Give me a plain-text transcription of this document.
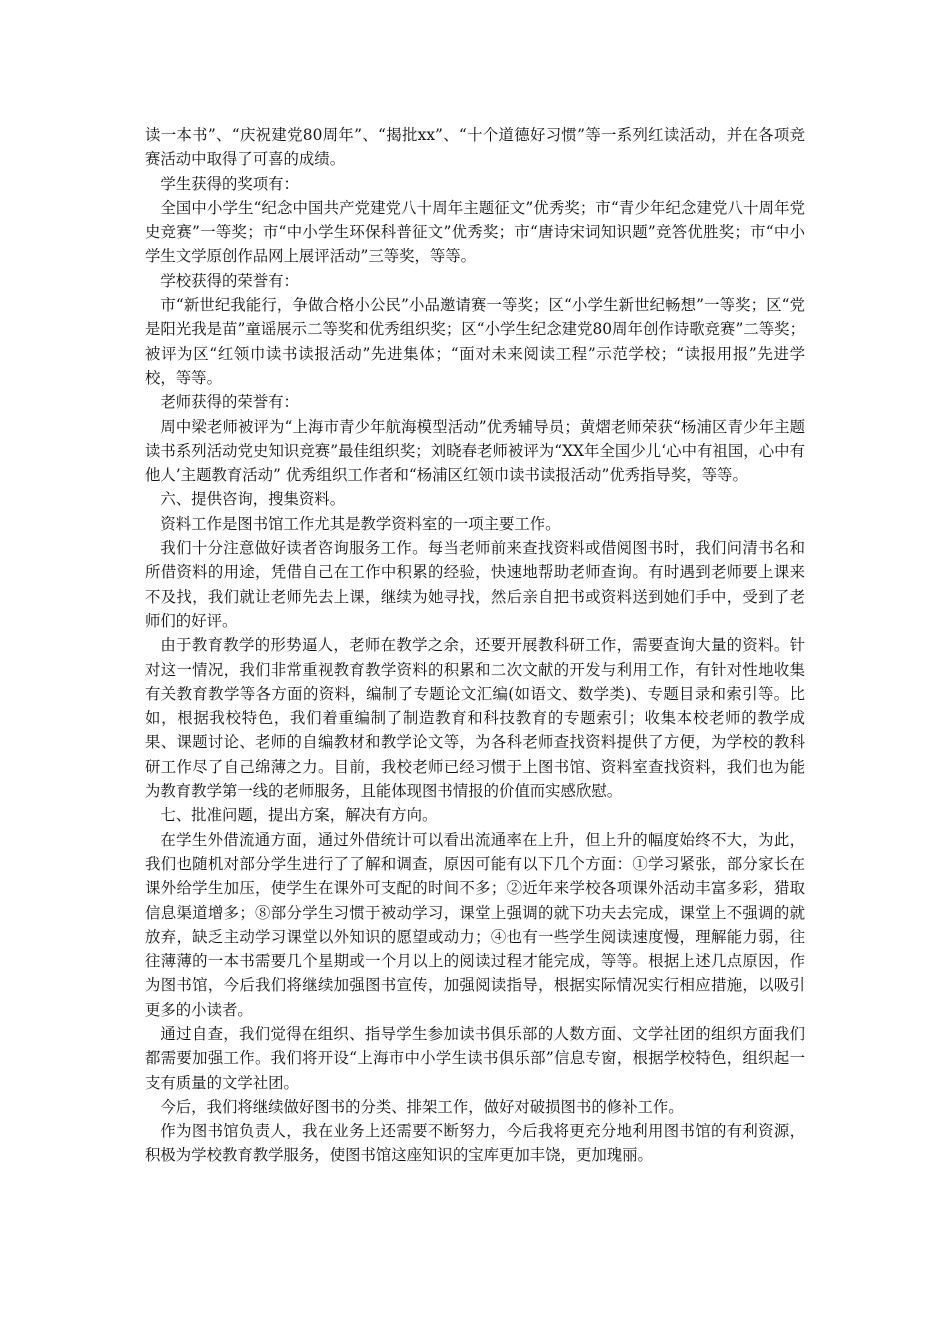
读一本书”、“庆祝建党80周年”、“揭批xx”、“十个道德好习惯”等一系列红读活动，并在各项竞赛活动中取得了可喜的成绩。

学生获得的奖项有：

全国中小学生“纪念中国共产党建党八十周年主题征文”优秀奖；市“青少年纪念建党八十周年党史竞赛”一等奖；市“中小学生环保科普征文”优秀奖；市“唐诗宋词知识题”竞答优胜奖；市“中小学生文学原创作品网上展评活动”三等奖，等等。

学校获得的荣誉有：

市“新世纪我能行，争做合格小公民”小品邀请赛一等奖；区“小学生新世纪畅想”一等奖；区“党是阳光我是苗”童谣展示二等奖和优秀组织奖；区“小学生纪念建党80周年创作诗歌竞赛”二等奖；被评为区“红领巾读书读报活动”先进集体；“面对未来阅读工程”示范学校；“读报用报”先进学校，等等。

老师获得的荣誉有：

周中梁老师被评为“上海市青少年航海模型活动”优秀辅导员；黄熠老师荣获“杨浦区青少年主题读书系列活动党史知识竞赛”最佳组织奖；刘晓春老师被评为“XX年全国少儿‘心中有祖国，心中有他人’主题教育活动” 优秀组织工作者和“杨浦区红领巾读书读报活动”优秀指导奖，等等。

六、提供咨询，搜集资料。

资料工作是图书馆工作尤其是教学资料室的一项主要工作。

我们十分注意做好读者咨询服务工作。每当老师前来查找资料或借阅图书时，我们问清书名和所借资料的用途，凭借自己在工作中积累的经验，快速地帮助老师查询。有时遇到老师要上课来不及找，我们就让老师先去上课，继续为她寻找，然后亲自把书或资料送到她们手中，受到了老师们的好评。

由于教育教学的形势逼人，老师在教学之余，还要开展教科研工作，需要查询大量的资料。针对这一情况，我们非常重视教育教学资料的积累和二次文献的开发与利用工作，有针对性地收集有关教育教学等各方面的资料，编制了专题论文汇编(如语文、数学类)、专题目录和索引等。比如，根据我校特色，我们着重编制了制造教育和科技教育的专题索引；收集本校老师的教学成果、课题讨论、老师的自编教材和教学论文等，为各科老师查找资料提供了方便，为学校的教科研工作尽了自己绵薄之力。目前，我校老师已经习惯于上图书馆、资料室查找资料，我们也为能为教育教学第一线的老师服务，且能体现图书情报的价值而实感欣慰。

七、批准问题，提出方案，解决有方向。

在学生外借流通方面，通过外借统计可以看出流通率在上升，但上升的幅度始终不大，为此，我们也随机对部分学生进行了了解和调查，原因可能有以下几个方面：①学习紧张，部分家长在课外给学生加压，使学生在课外可支配的时间不多；②近年来学校各项课外活动丰富多彩，猎取信息渠道增多；⑧部分学生习惯于被动学习，课堂上强调的就下功夫去完成，课堂上不强调的就放弃，缺乏主动学习课堂以外知识的愿望或动力；④也有一些学生阅读速度慢，理解能力弱，往往薄薄的一本书需要几个星期或一个月以上的阅读过程才能完成，等等。根据上述几点原因，作为图书馆，今后我们将继续加强图书宣传，加强阅读指导，根据实际情况实行相应措施，以吸引更多的小读者。

通过自查，我们觉得在组织、指导学生参加读书俱乐部的人数方面、文学社团的组织方面我们都需要加强工作。我们将开设“上海市中小学生读书俱乐部”信息专窗，根据学校特色，组织起一支有质量的文学社团。

今后，我们将继续做好图书的分类、排架工作，做好对破损图书的修补工作。

作为图书馆负责人，我在业务上还需要不断努力，今后我将更充分地利用图书馆的有利资源，积极为学校教育教学服务，使图书馆这座知识的宝库更加丰饶，更加瑰丽。
